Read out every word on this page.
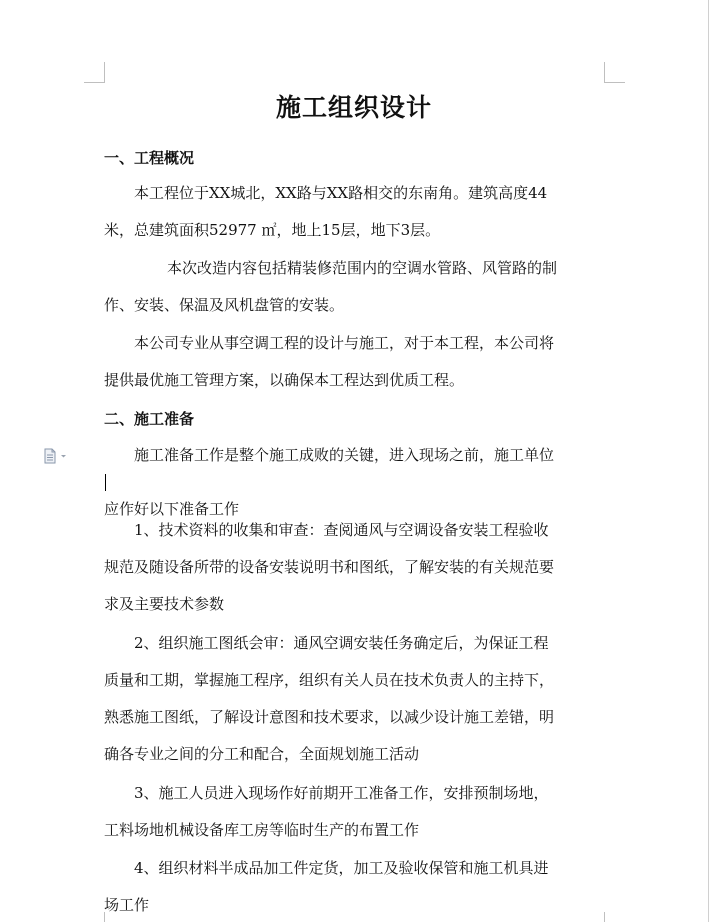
施工组织设计
一、工程概况
本工程位于XX城北，XX路与XX路相交的东南角。建筑高度44
米，总建筑面积52977 ㎡，地上15层，地下3层。
本次改造内容包括精装修范围内的空调水管路、风管路的制
作、安装、保温及风机盘管的安装。
本公司专业从事空调工程的设计与施工，对于本工程，本公司将
提供最优施工管理方案，以确保本工程达到优质工程。
二、施工准备
施工准备工作是整个施工成败的关键，进入现场之前，施工单位
应作好以下准备工作
1、技术资料的收集和审查：查阅通风与空调设备安装工程验收
规范及随设备所带的设备安装说明书和图纸，了解安装的有关规范要
求及主要技术参数
2、组织施工图纸会审：通风空调安装任务确定后，为保证工程
质量和工期，掌握施工程序，组织有关人员在技术负责人的主持下，
熟悉施工图纸，了解设计意图和技术要求，以减少设计施工差错，明
确各专业之间的分工和配合，全面规划施工活动
3、施工人员进入现场作好前期开工准备工作，安排预制场地，
工料场地机械设备库工房等临时生产的布置工作
4、组织材料半成品加工件定货，加工及验收保管和施工机具进
场工作
